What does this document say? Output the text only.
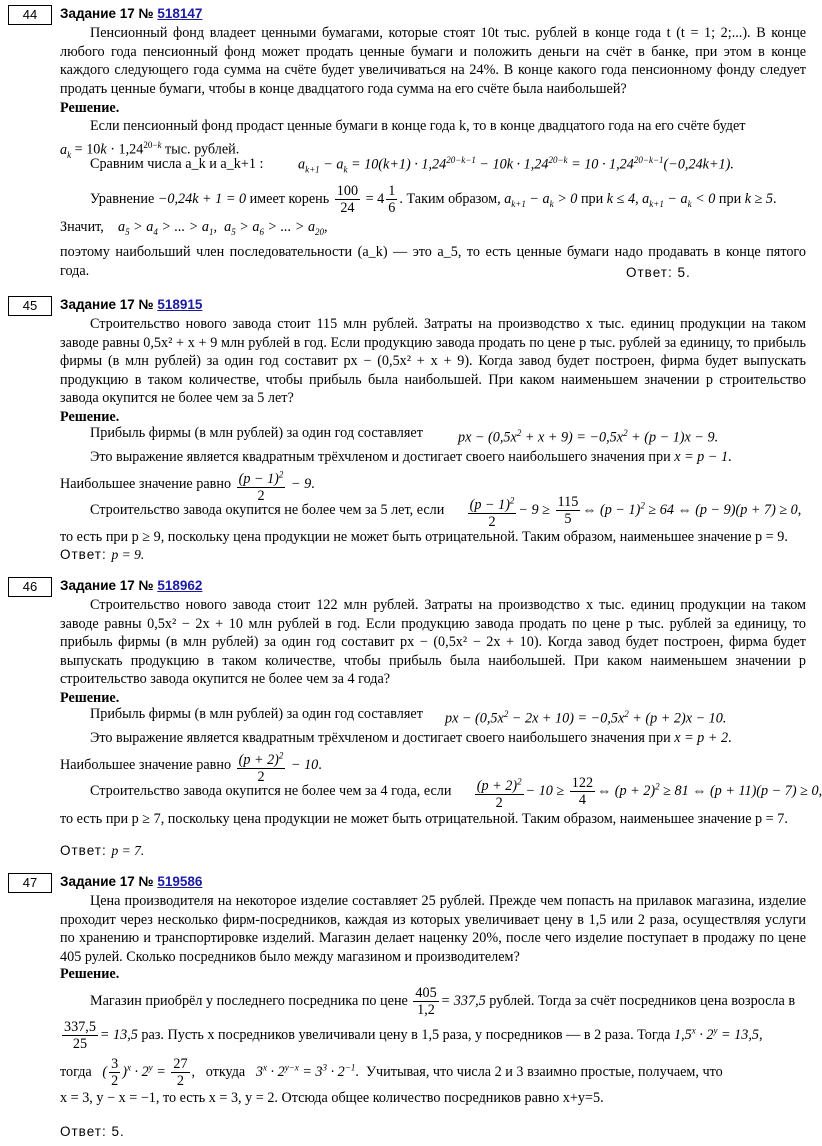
44	Задание 17 № 518147
Пенсионный фонд владеет ценными бумагами, которые стоят 10t тыс. рублей в конце года t (t = 1; 2;...). В конце любого года пенсионный фонд может продать ценные бумаги и положить деньги на счёт в банке, при этом в конце каждого следующего года сумма на счёте будет увеличиваться на 24%. В конце какого года пенсионному фонду следует продать ценные бумаги, чтобы в конце двадцатого года сумма на его счёте была наибольшей?
Решение.
Если пенсионный фонд продаст ценные бумаги в конце года k, то в конце двадцатого года на его счёте будет
$a_k = 10k \cdot 1,24^{20-k}$ тыс. рублей.
Сравним числа a_k и a_k+1 : $a_{k+1} - a_k = 10(k+1) \cdot 1,24^{20-k-1} - 10k \cdot 1,24^{20-k} = 10 \cdot 1,24^{20-k-1}(-0,24k+1)$.
Уравнение −0,24k + 1 = 0 имеет корень $\frac{100}{24} = 4 \frac{1}{6}$ . Таким образом, $a_{k+1} - a_k > 0$ при k ≤ 4, $a_{k+1} - a_k < 0$ при k ≥ 5.
Значит, $a_5 > a_4$ > ... > $a_1$,  $a_5 > a_6$ > ... > $a_{20}$,
поэтому наибольший член последовательности (a_k) — это a_5, то есть ценные бумаги надо продавать в конце пятого года.	Ответ: 5.
45	Задание 17 № 518915
Строительство нового завода стоит 115 млн рублей. Затраты на производство x тыс. единиц продукции на таком заводе равны 0,5x² + x + 9 млн рублей в год. Если продукцию завода продать по цене p тыс. рублей за единицу, то прибыль фирмы (в млн рублей) за один год составит px − (0,5x² + x + 9). Когда завод будет построен, фирма будет выпускать продукцию в таком количестве, чтобы прибыль была наибольшей. При каком наименьшем значении p строительство завода окупится не более чем за 5 лет?
Решение.
Прибыль фирмы (в млн рублей) за один год составляет px − $(0,5x^2 + x + 9) = -0,5x^2 + (p - 1)x - 9$.
Это выражение является квадратным трёхчленом и достигает своего наибольшего значения при x = p − 1.
Наибольшее значение равно $\frac{(p - 1)^2}{2} - 9$.
Строительство завода окупится не более чем за 5 лет, если $\frac{(p - 1)^2}{2} - 9 \ge \frac{115}{5}$ ⇔ $(p - 1)^2 \ge 64$ ⇔ (p − 9)(p + 7) ≥ 0,
то есть при p ≥ 9, поскольку цена продукции не может быть отрицательной. Таким образом, наименьшее значение p = 9.
Ответ: p = 9.
46	Задание 17 № 518962
Строительство нового завода стоит 122 млн рублей. Затраты на производство x тыс. единиц продукции на таком заводе равны 0,5x² − 2x + 10 млн рублей в год. Если продукцию завода продать по цене p тыс. рублей за единицу, то прибыль фирмы (в млн рублей) за один год составит px − (0,5x² − 2x + 10). Когда завод будет построен, фирма будет выпускать продукцию в таком количестве, чтобы прибыль была наибольшей. При каком наименьшем значении p строительство завода окупится не более чем за 4 года?
Решение.
Прибыль фирмы (в млн рублей) за один год составляет px − $(0,5x^2 - 2x + 10) = -0,5x^2 + (p + 2)x - 10$.
Это выражение является квадратным трёхчленом и достигает своего наибольшего значения при x = p + 2.
Наибольшее значение равно $\frac{(p + 2)^2}{2} - 10$.
Строительство завода окупится не более чем за 4 года, если $\frac{(p + 2)^2}{2} - 10 \ge \frac{122}{4}$ ⇔ $(p + 2)^2 \ge 81$ ⇔ (p + 11)(p − 7) ≥ 0,
то есть при p ≥ 7, поскольку цена продукции не может быть отрицательной. Таким образом, наименьшее значение p = 7.
Ответ: p = 7.
47	Задание 17 № 519586
Цена производителя на некоторое изделие составляет 25 рублей. Прежде чем попасть на прилавок магазина, изделие проходит через несколько фирм-посредников, каждая из которых увеличивает цену в 1,5 или 2 раза, осуществляя услуги по хранению и транспортировке изделий. Магазин делает наценку 20%, после чего изделие поступает в продажу по цене 405 рулей. Сколько посредников было между магазином и производителем?
Решение.
Магазин приобрёл у последнего посредника по цене $\frac{405}{1,2} = 337,5$ рублей. Тогда за счёт посредников цена возросла в
$\frac{337,5}{25} = 13,5$ раз. Пусть x посредников увеличивали цену в 1,5 раза, y посредников — в 2 раза. Тогда $1,5^x \cdot 2^y = 13,5$,
тогда ( $\frac{3}{2} )^x \cdot 2^y = \frac{27}{2}$ ,   откуда $3^x \cdot 2^{y-x} = 3^3 \cdot 2^{-1}$.  Учитывая, что числа 2 и 3 взаимно простые, получаем, что
x = 3, y − x = −1, то есть x = 3, y = 2. Отсюда общее количество посредников равно x+y=5.
Ответ: 5.
